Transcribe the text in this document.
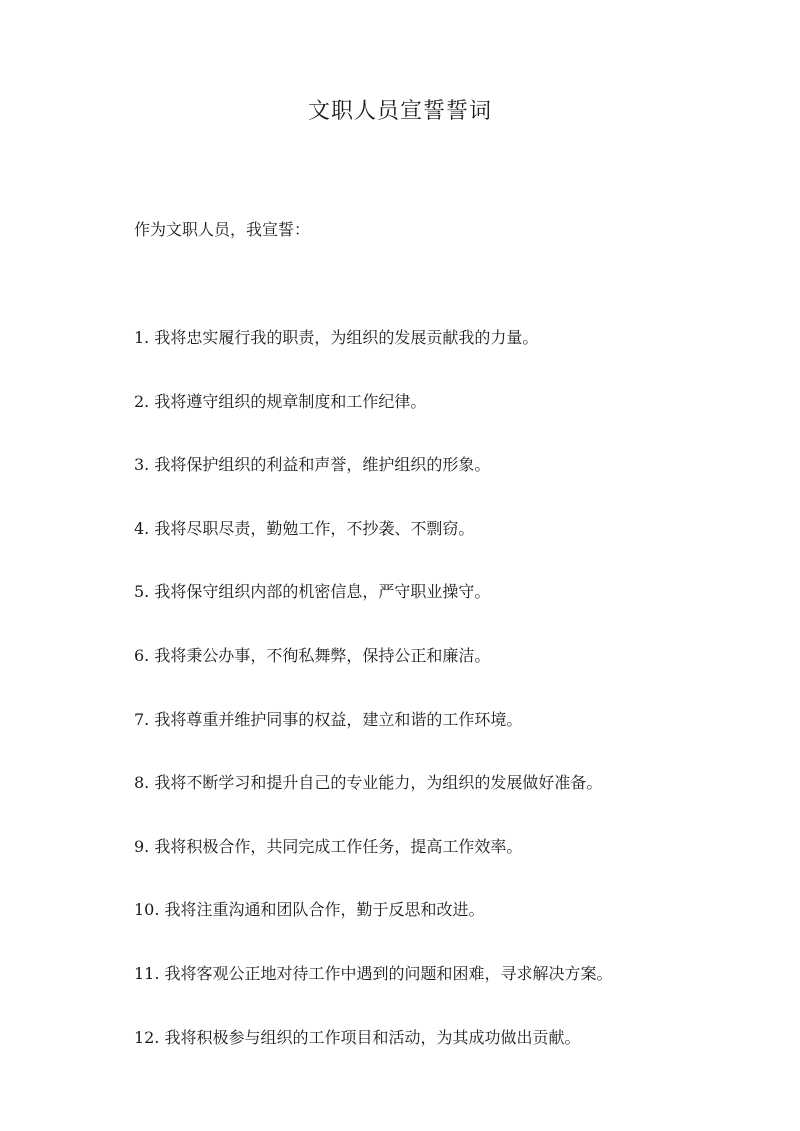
文职人员宣誓誓词
作为文职人员，我宣誓：
1. 我将忠实履行我的职责，为组织的发展贡献我的力量。
2. 我将遵守组织的规章制度和工作纪律。
3. 我将保护组织的利益和声誉，维护组织的形象。
4. 我将尽职尽责，勤勉工作，不抄袭、不剽窃。
5. 我将保守组织内部的机密信息，严守职业操守。
6. 我将秉公办事，不徇私舞弊，保持公正和廉洁。
7. 我将尊重并维护同事的权益，建立和谐的工作环境。
8. 我将不断学习和提升自己的专业能力，为组织的发展做好准备。
9. 我将积极合作，共同完成工作任务，提高工作效率。
10. 我将注重沟通和团队合作，勤于反思和改进。
11. 我将客观公正地对待工作中遇到的问题和困难，寻求解决方案。
12. 我将积极参与组织的工作项目和活动，为其成功做出贡献。
